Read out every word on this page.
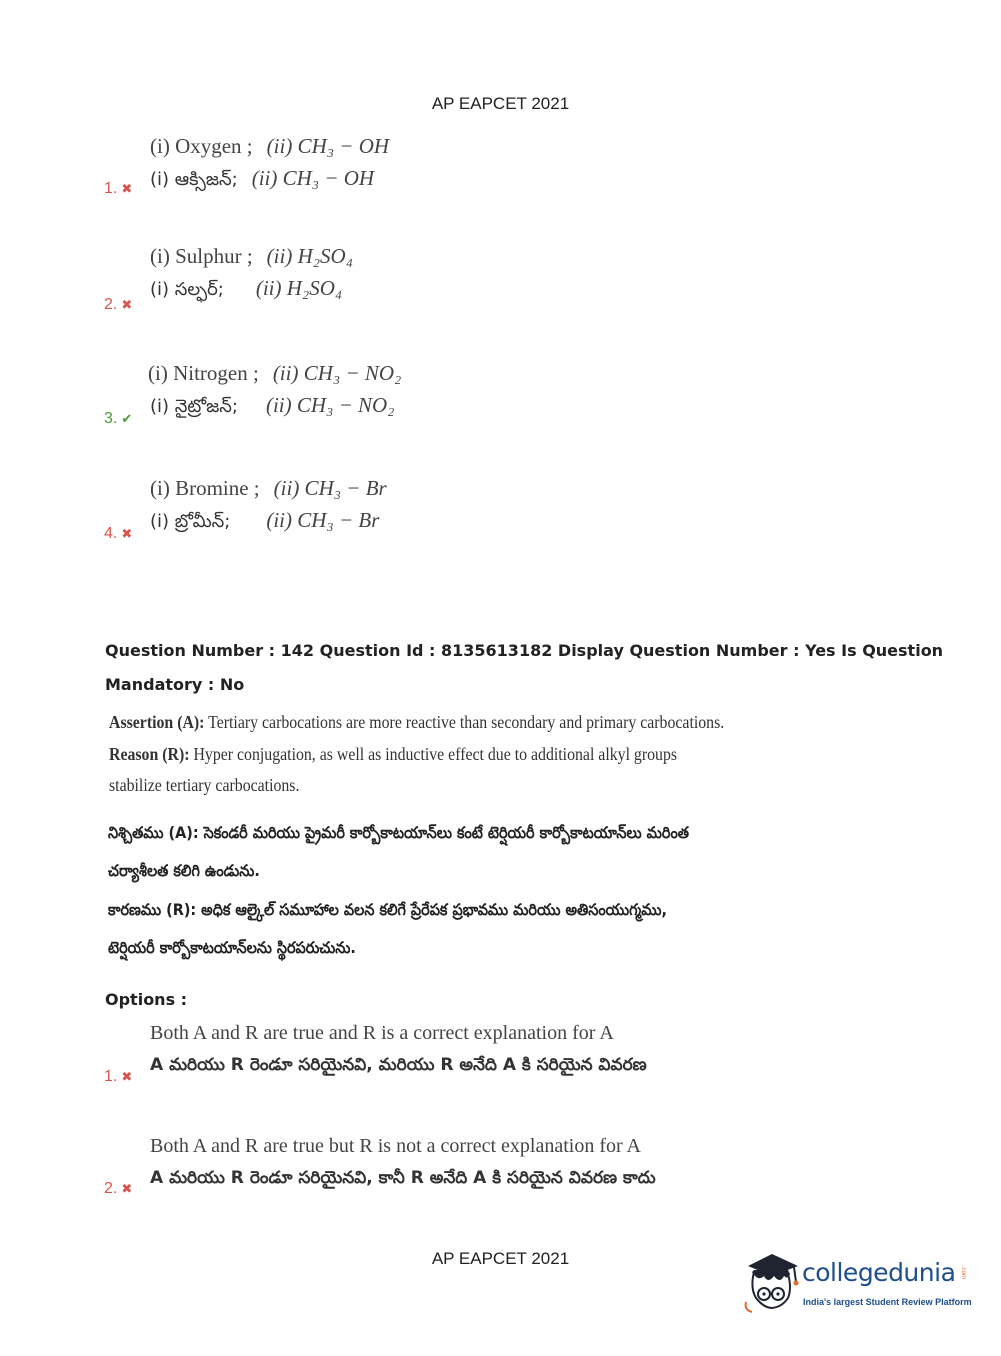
AP EAPCET 2021
(i) Oxygen ; (ii) CH₃ − OH
(i) ఆక్సిజన్; (ii) CH₃ − OH
1. ✖
(i) Sulphur ; (ii) H₂SO₄
(i) సల్ఫర్; (ii) H₂SO₄
2. ✖
(i) Nitrogen ; (ii) CH₃ − NO₂
(i) నైట్రోజన్; (ii) CH₃ − NO₂
3. ✔
(i) Bromine ; (ii) CH₃ − Br
(i) బ్రోమీన్; (ii) CH₃ − Br
4. ✖
Question Number : 142 Question Id : 8135613182 Display Question Number : Yes Is Question
Mandatory : No
Assertion (A): Tertiary carbocations are more reactive than secondary and primary carbocations.
Reason (R): Hyper conjugation, as well as inductive effect due to additional alkyl groups
stabilize tertiary carbocations.
నిశ్చితము (A): సెకండరీ మరియు ప్రైమరీ కార్బోకాటయాన్‌లు కంటే టెర్షియరీ కార్బోకాటయాన్‌లు మరింత
చర్యాశీలత కలిగి ఉండును.
కారణము (R): అధిక ఆల్కైల్ సమూహాల వలన కలిగే ప్రేరేపక ప్రభావము మరియు అతిసంయుగ్మము,
టెర్షియరీ కార్బోకాటయాన్‌లను స్థిరపరుచును.
Options :
Both A and R are true and R is a correct explanation for A
A మరియు R రెండూ సరియైనవి, మరియు R అనేది A కి సరియైన వివరణ
1. ✖
Both A and R are true but R is not a correct explanation for A
A మరియు R రెండూ సరియైనవి, కానీ R అనేది A కి సరియైన వివరణ కాదు
2. ✖
AP EAPCET 2021	collegedunia .com
India's largest Student Review Platform
